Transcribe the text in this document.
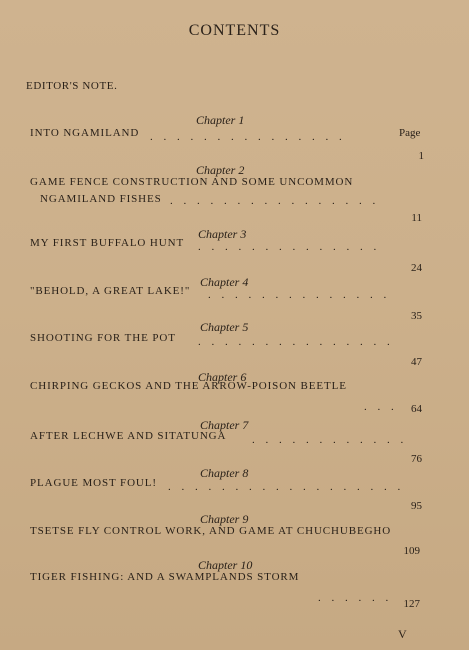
CONTENTS
EDITOR'S NOTE.
Page
Chapter 1
INTO NGAMILAND . . . . . . . . . . . . . . .
1
Chapter 2
GAME FENCE CONSTRUCTION AND SOME UNCOMMON
NGAMILAND FISHES . . . . . . . . . . . . . . . .
11
Chapter 3
MY FIRST BUFFALO HUNT . . . . . . . . . . . . . .
24
Chapter 4
"BEHOLD, A GREAT LAKE!" . . . . . . . . . . . . . .
35
Chapter 5
SHOOTING FOR THE POT . . . . . . . . . . . . . . .
47
Chapter 6
CHIRPING GECKOS AND THE ARROW-POISON BEETLE
. . .	64
Chapter 7
AFTER LECHWE AND SITATUNGA . . . . . . . . . . . .
76
Chapter 8
PLAGUE MOST FOUL! . . . . . . . . . . . . . . . . . .
95
Chapter 9
TSETSE FLY CONTROL WORK, AND GAME AT CHUCHUBEGHO
109
Chapter 10
TIGER FISHING: AND A SWAMPLANDS STORM
. . . . . .	127
V
